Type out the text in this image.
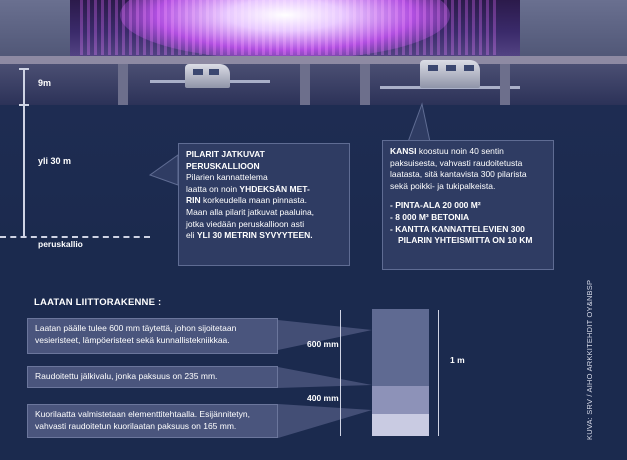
9m
yli 30 m
peruskallio
PILARIT JATKUVAT
PERUSKALLIOON
Pilarien kannattelema
laatta on noin YHDEKSÄN MET-
RIN korkeudella maan pinnasta.
Maan alla pilarit jatkuvat paaluina,
jotka viedään peruskallioon asti
eli YLI 30 METRIN SYVYYTEEN.
KANSI koostuu noin 40 sentin
paksuisesta, vahvasti raudoitetusta
laatasta, sitä kantavista 300 pilarista
sekä poikki- ja tukipalkeista.
- PINTA-ALA 20 000 M²
- 8 000 M³ BETONIA
- KANTTA KANNATTELEVIEN 300
PILARIN YHTEISMITTA ON 10 KM
LAATAN LIITTORAKENNE :
Laatan päälle tulee 600 mm täytettä, johon sijoitetaan vesieristeet, lämpöeristeet sekä kunnallistekniikkaa.
Raudoitettu jälkivalu, jonka paksuus on 235 mm.
Kuorilaatta valmistetaan elementtitehtaalla. Esijännitetyn, vahvasti raudoitetun kuorilaatan paksuus on 165 mm.
600 mm
400 mm
1 m	KUVA: SRV / AIHO ARKKITEHDIT OY&NBSP
